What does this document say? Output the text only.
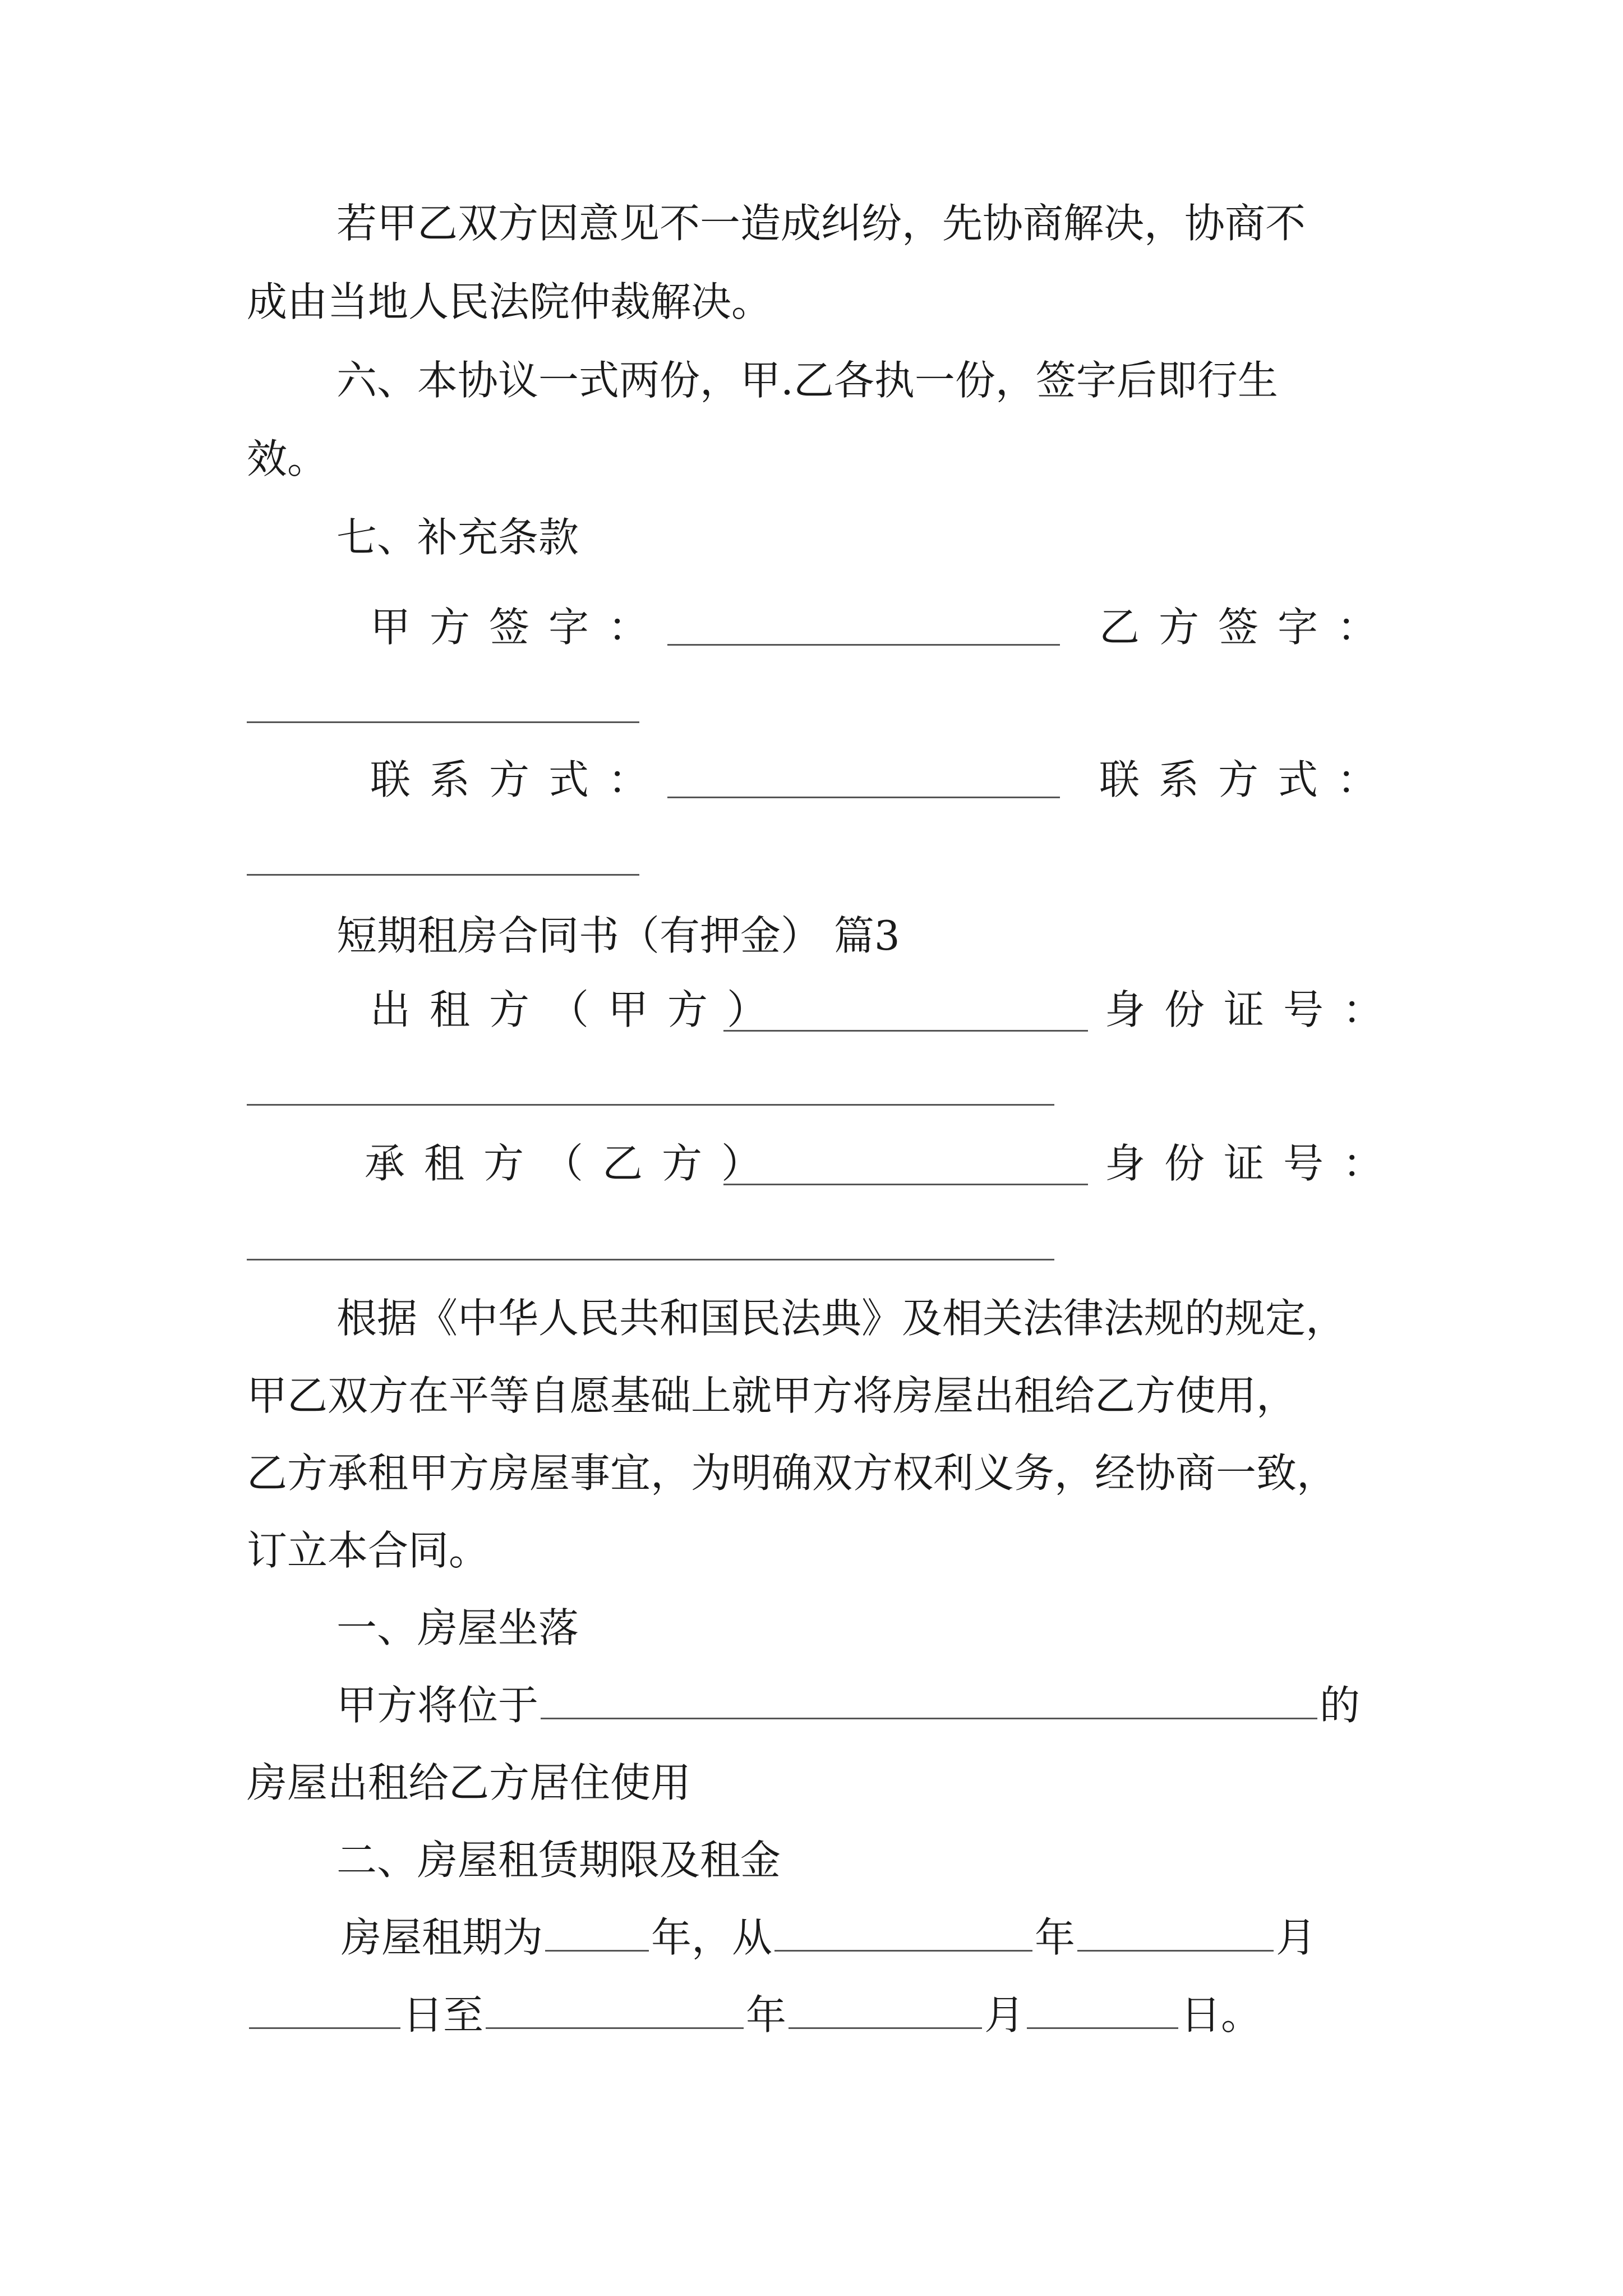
若甲乙双方因意见不一造成纠纷，先协商解决，协商不

成由当地人民法院仲裁解决。

六、本协议一式两份，甲.乙各执一份，签字后即行生

效。

七、补充条款

甲方签字：	乙方签字：

联系方式：	联系方式：

短期租房合同书（有押金） 篇3

出租方（甲方）	身份证号：

承租方（乙方）	身份证号：

根据《中华人民共和国民法典》及相关法律法规的规定，

甲乙双方在平等自愿基础上就甲方将房屋出租给乙方使用，

乙方承租甲方房屋事宜，为明确双方权利义务，经协商一致，

订立本合同。

一、房屋坐落

甲方将位于	的

房屋出租给乙方居住使用

二、房屋租赁期限及租金

房屋租期为	年，从	年	月

日至	年	月	日。
